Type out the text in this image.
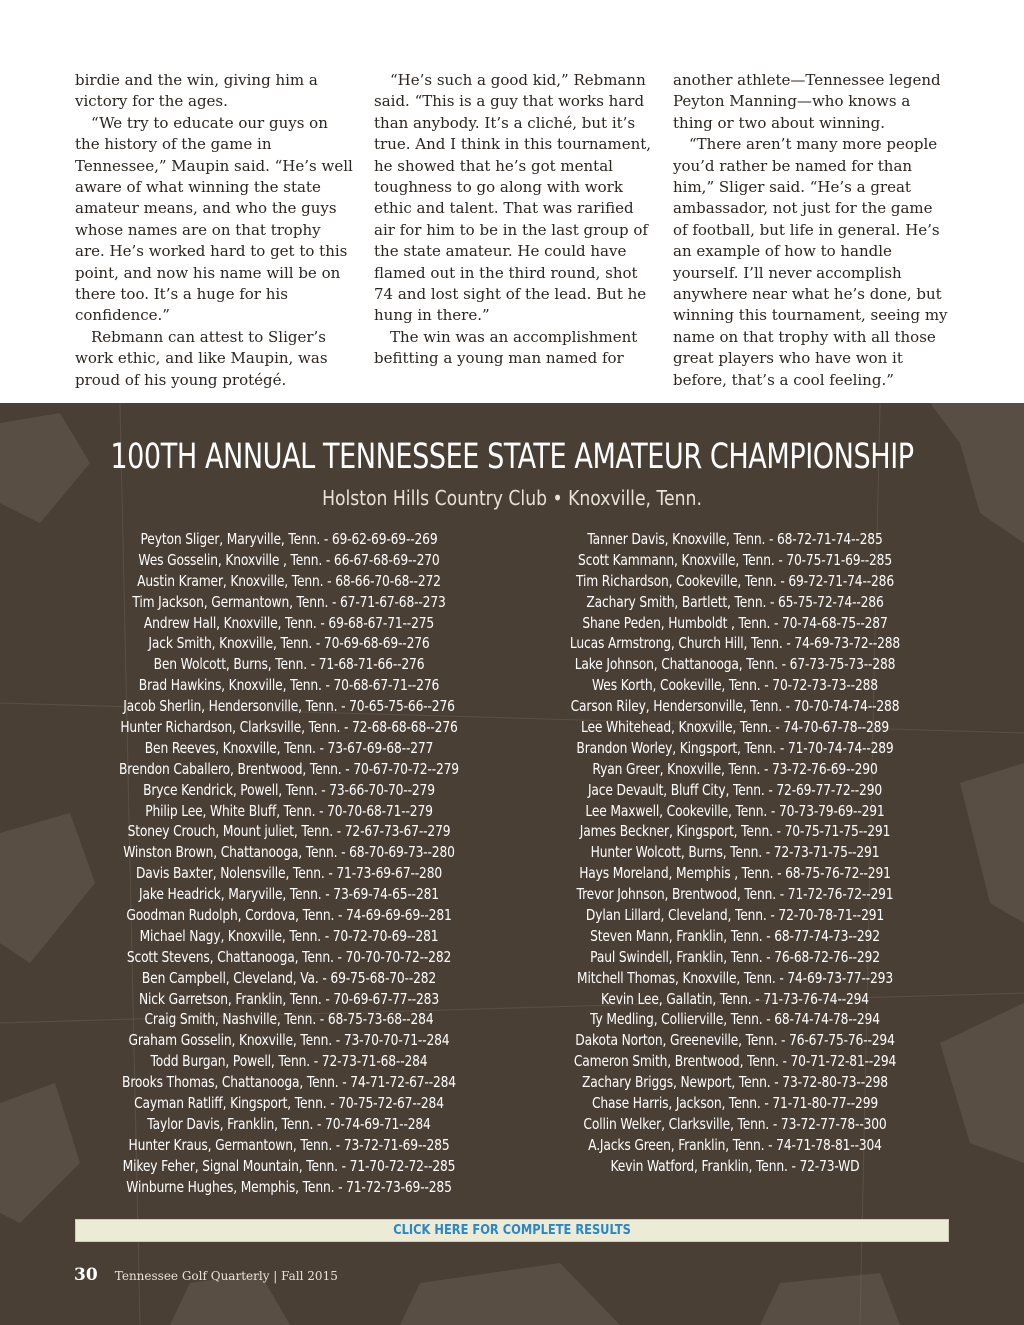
birdie and the win, giving him a victory for the ages.

“We try to educate our guys on the history of the game in Tennessee,” Maupin said. “He’s well aware of what winning the state amateur means, and who the guys whose names are on that trophy are. He’s worked hard to get to this point, and now his name will be on there too. It’s a huge for his confidence.”

Rebmann can attest to Sliger’s work ethic, and like Maupin, was proud of his young protégé.

“He’s such a good kid,” Rebmann said. “This is a guy that works hard than anybody. It’s a cliché, but it’s true. And I think in this tournament, he showed that he’s got mental toughness to go along with work ethic and talent. That was rarified air for him to be in the last group of the state amateur. He could have flamed out in the third round, shot 74 and lost sight of the lead. But he hung in there.”

The win was an accomplishment befitting a young man named for

another athlete—Tennessee legend Peyton Manning—who knows a thing or two about winning.

“There aren’t many more people you’d rather be named for than him,” Sliger said. “He’s a great ambassador, not just for the game of football, but life in general. He’s an example of how to handle yourself. I’ll never accomplish anywhere near what he’s done, but winning this tournament, seeing my name on that trophy with all those great players who have won it before, that’s a cool feeling.”

100TH ANNUAL TENNESSEE STATE AMATEUR CHAMPIONSHIP
Holston Hills Country Club • Knoxville, Tenn.
Peyton Sliger, Maryville, Tenn. - 69-62-69-69--269
Wes Gosselin, Knoxville , Tenn. - 66-67-68-69--270
Austin Kramer, Knoxville, Tenn. - 68-66-70-68--272
Tim Jackson, Germantown, Tenn. - 67-71-67-68--273
Andrew Hall, Knoxville, Tenn. - 69-68-67-71--275
Jack Smith, Knoxville, Tenn. - 70-69-68-69--276
Ben Wolcott, Burns, Tenn. - 71-68-71-66--276
Brad Hawkins, Knoxville, Tenn. - 70-68-67-71--276
Jacob Sherlin, Hendersonville, Tenn. - 70-65-75-66--276
Hunter Richardson, Clarksville, Tenn. - 72-68-68-68--276
Ben Reeves, Knoxville, Tenn. - 73-67-69-68--277
Brendon Caballero, Brentwood, Tenn. - 70-67-70-72--279
Bryce Kendrick, Powell, Tenn. - 73-66-70-70--279
Philip Lee, White Bluff, Tenn. - 70-70-68-71--279
Stoney Crouch, Mount juliet, Tenn. - 72-67-73-67--279
Winston Brown, Chattanooga, Tenn. - 68-70-69-73--280
Davis Baxter, Nolensville, Tenn. - 71-73-69-67--280
Jake Headrick, Maryville, Tenn. - 73-69-74-65--281
Goodman Rudolph, Cordova, Tenn. - 74-69-69-69--281
Michael Nagy, Knoxville, Tenn. - 70-72-70-69--281
Scott Stevens, Chattanooga, Tenn. - 70-70-70-72--282
Ben Campbell, Cleveland, Va. - 69-75-68-70--282
Nick Garretson, Franklin, Tenn. - 70-69-67-77--283
Craig Smith, Nashville, Tenn. - 68-75-73-68--284
Graham Gosselin, Knoxville, Tenn. - 73-70-70-71--284
Todd Burgan, Powell, Tenn. - 72-73-71-68--284
Brooks Thomas, Chattanooga, Tenn. - 74-71-72-67--284
Cayman Ratliff, Kingsport, Tenn. - 70-75-72-67--284
Taylor Davis, Franklin, Tenn. - 70-74-69-71--284
Hunter Kraus, Germantown, Tenn. - 73-72-71-69--285
Mikey Feher, Signal Mountain, Tenn. - 71-70-72-72--285
Winburne Hughes, Memphis, Tenn. - 71-72-73-69--285
Tanner Davis, Knoxville, Tenn. - 68-72-71-74--285
Scott Kammann, Knoxville, Tenn. - 70-75-71-69--285
Tim Richardson, Cookeville, Tenn. - 69-72-71-74--286
Zachary Smith, Bartlett, Tenn. - 65-75-72-74--286
Shane Peden, Humboldt , Tenn. - 70-74-68-75--287
Lucas Armstrong, Church Hill, Tenn. - 74-69-73-72--288
Lake Johnson, Chattanooga, Tenn. - 67-73-75-73--288
Wes Korth, Cookeville, Tenn. - 70-72-73-73--288
Carson Riley, Hendersonville, Tenn. - 70-70-74-74--288
Lee Whitehead, Knoxville, Tenn. - 74-70-67-78--289
Brandon Worley, Kingsport, Tenn. - 71-70-74-74--289
Ryan Greer, Knoxville, Tenn. - 73-72-76-69--290
Jace Devault, Bluff City, Tenn. - 72-69-77-72--290
Lee Maxwell, Cookeville, Tenn. - 70-73-79-69--291
James Beckner, Kingsport, Tenn. - 70-75-71-75--291
Hunter Wolcott, Burns, Tenn. - 72-73-71-75--291
Hays Moreland, Memphis , Tenn. - 68-75-76-72--291
Trevor Johnson, Brentwood, Tenn. - 71-72-76-72--291
Dylan Lillard, Cleveland, Tenn. - 72-70-78-71--291
Steven Mann, Franklin, Tenn. - 68-77-74-73--292
Paul Swindell, Franklin, Tenn. - 76-68-72-76--292
Mitchell Thomas, Knoxville, Tenn. - 74-69-73-77--293
Kevin Lee, Gallatin, Tenn. - 71-73-76-74--294
Ty Medling, Collierville, Tenn. - 68-74-74-78--294
Dakota Norton, Greeneville, Tenn. - 76-67-75-76--294
Cameron Smith, Brentwood, Tenn. - 70-71-72-81--294
Zachary Briggs, Newport, Tenn. - 73-72-80-73--298
Chase Harris, Jackson, Tenn. - 71-71-80-77--299
Collin Welker, Clarksville, Tenn. - 73-72-77-78--300
A.Jacks Green, Franklin, Tenn. - 74-71-78-81--304
Kevin Watford, Franklin, Tenn. - 72-73-WD
CLICK HERE FOR COMPLETE RESULTS
30 Tennessee Golf Quarterly | Fall 2015
